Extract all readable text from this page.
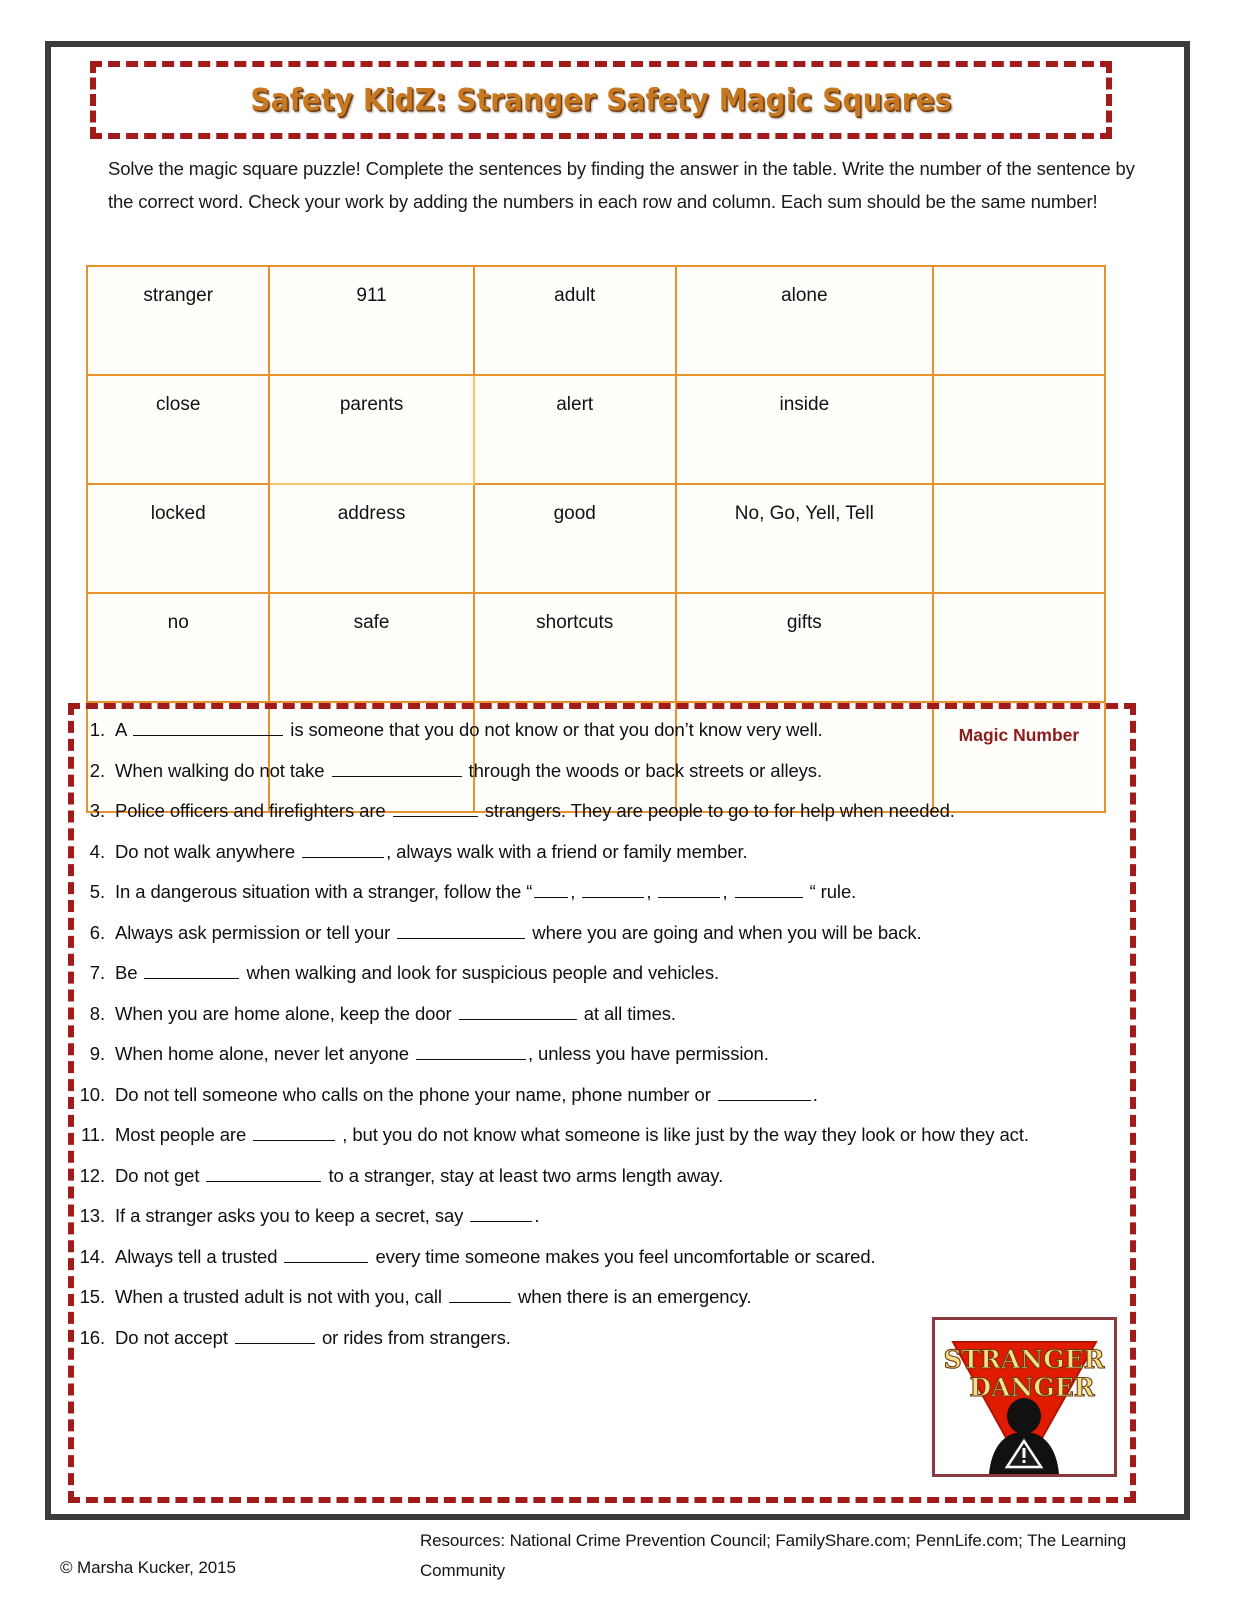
Safety KidZ: Stranger Safety Magic Squares
Solve the magic square puzzle! Complete the sentences by finding the answer in the table. Write the number of the sentence by the correct word. Check your work by adding the numbers in each row and column. Each sum should be the same number!
stranger	911	adult	alone	
close	parents	alert	inside	
locked	address	good	No, Go, Yell, Tell	
no	safe	shortcuts	gifts	
				Magic Number
1. A	is someone that you do not know or that you don’t know very well.
2. When walking do not take	through the woods or back streets or alleys.
3. Police officers and firefighters are	strangers. They are people to go to for help when needed.
4. Do not walk anywhere	, always walk with a friend or family member.
5. In a dangerous situation with a stranger, follow the “ ,	,	,	“ rule.
6. Always ask permission or tell your	where you are going and when you will be back.
7. Be	when walking and look for suspicious people and vehicles.
8. When you are home alone, keep the door	at all times.
9. When home alone, never let anyone	, unless you have permission.
10. Do not tell someone who calls on the phone your name, phone number or	.
11. Most people are	, but you do not know what someone is like just by the way they look or how they act.
12. Do not get	to a stranger, stay at least two arms length away.
13. If a stranger asks you to keep a secret, say	.
14. Always tell a trusted	every time someone makes you feel uncomfortable or scared.
15. When a trusted adult is not with you, call	when there is an emergency.
16. Do not accept	or rides from strangers.
STRANGER
DANGER
Resources: National Crime Prevention Council; FamilyShare.com; PennLife.com; The Learning Community
© Marsha Kucker, 2015
